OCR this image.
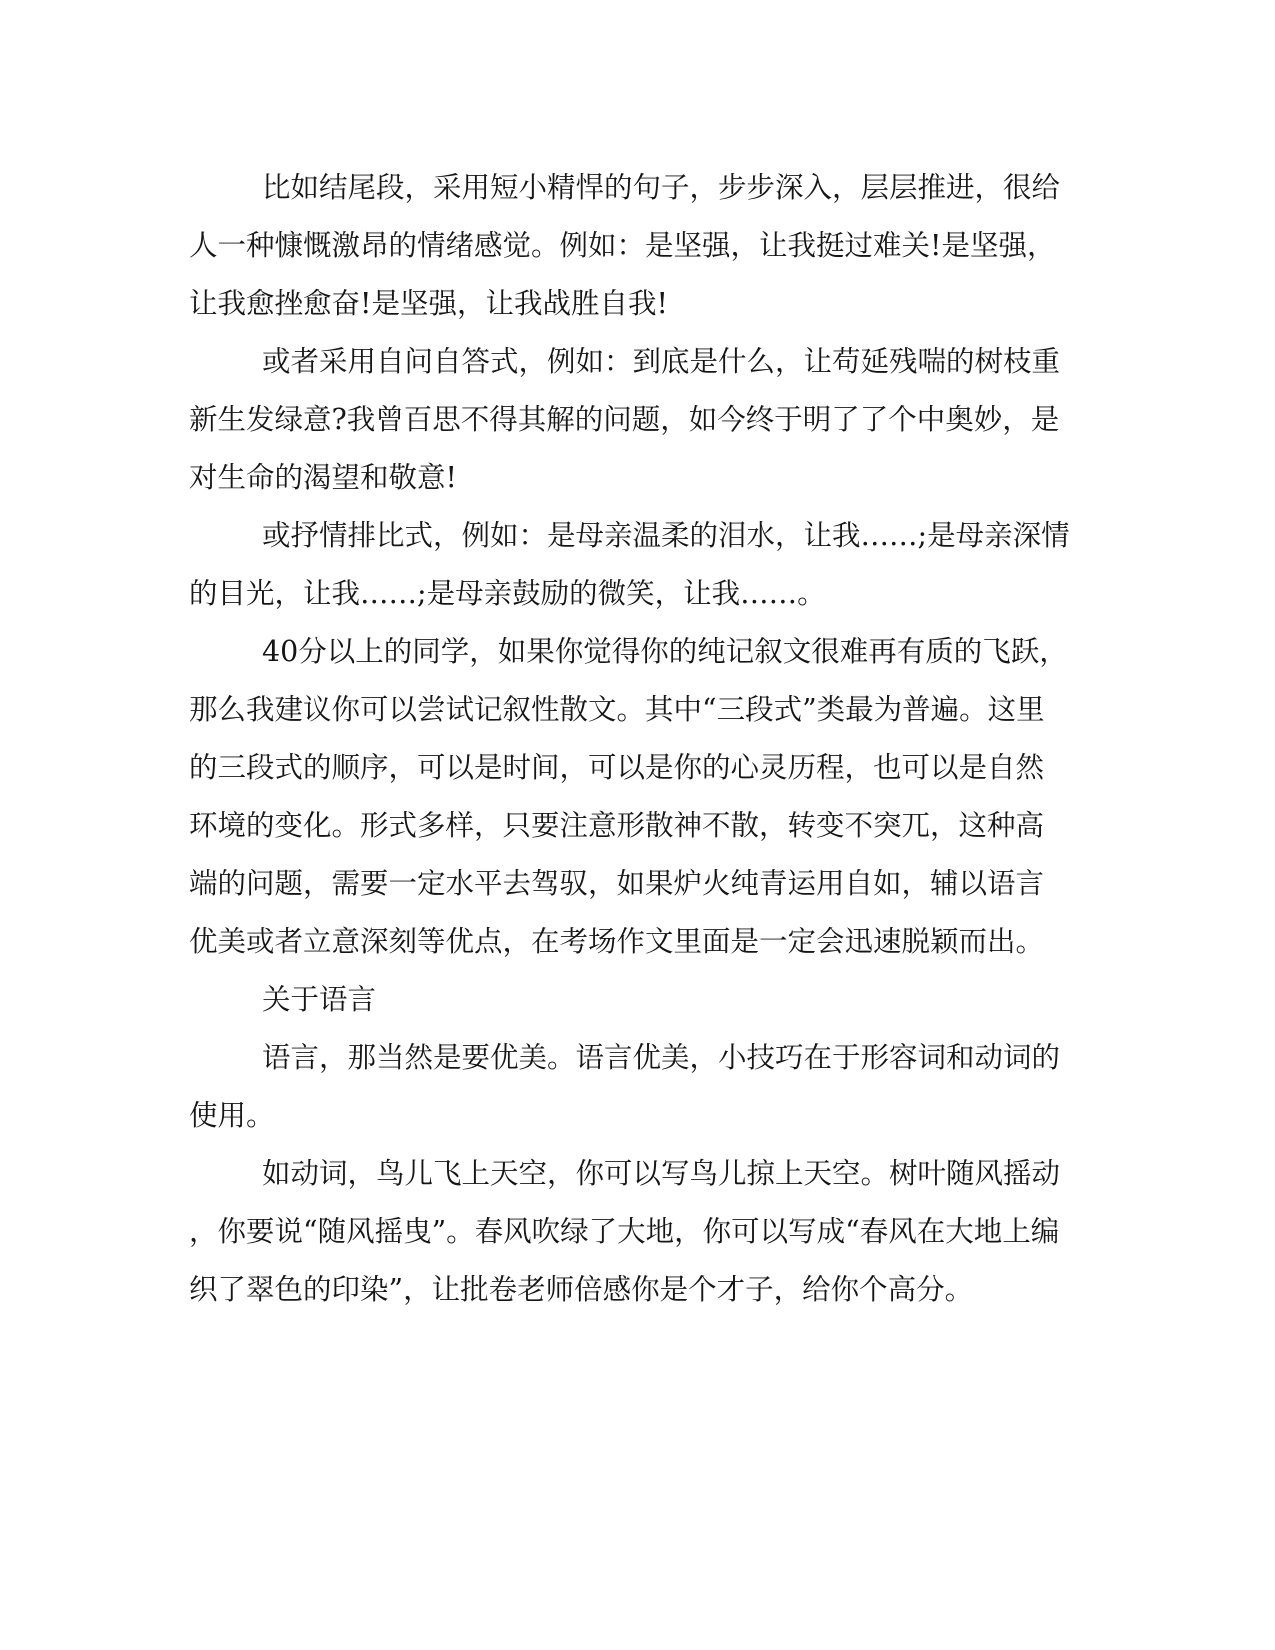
比如结尾段，采用短小精悍的句子，步步深入，层层推进，很给
人一种慷慨激昂的情绪感觉。例如：是坚强，让我挺过难关!是坚强，
让我愈挫愈奋!是坚强，让我战胜自我!
或者采用自问自答式，例如：到底是什么，让苟延残喘的树枝重
新生发绿意?我曾百思不得其解的问题，如今终于明了了个中奥妙，是
对生命的渴望和敬意!
或抒情排比式，例如：是母亲温柔的泪水，让我……;是母亲深情
的目光，让我……;是母亲鼓励的微笑，让我……。
40分以上的同学，如果你觉得你的纯记叙文很难再有质的飞跃，
那么我建议你可以尝试记叙性散文。其中“三段式”类最为普遍。这里
的三段式的顺序，可以是时间，可以是你的心灵历程，也可以是自然
环境的变化。形式多样，只要注意形散神不散，转变不突兀，这种高
端的问题，需要一定水平去驾驭，如果炉火纯青运用自如，辅以语言
优美或者立意深刻等优点，在考场作文里面是一定会迅速脱颖而出。
关于语言
语言，那当然是要优美。语言优美，小技巧在于形容词和动词的
使用。
如动词，鸟儿飞上天空，你可以写鸟儿掠上天空。树叶随风摇动
，你要说“随风摇曳”。春风吹绿了大地，你可以写成“春风在大地上编
织了翠色的印染”，让批卷老师倍感你是个才子，给你个高分。
